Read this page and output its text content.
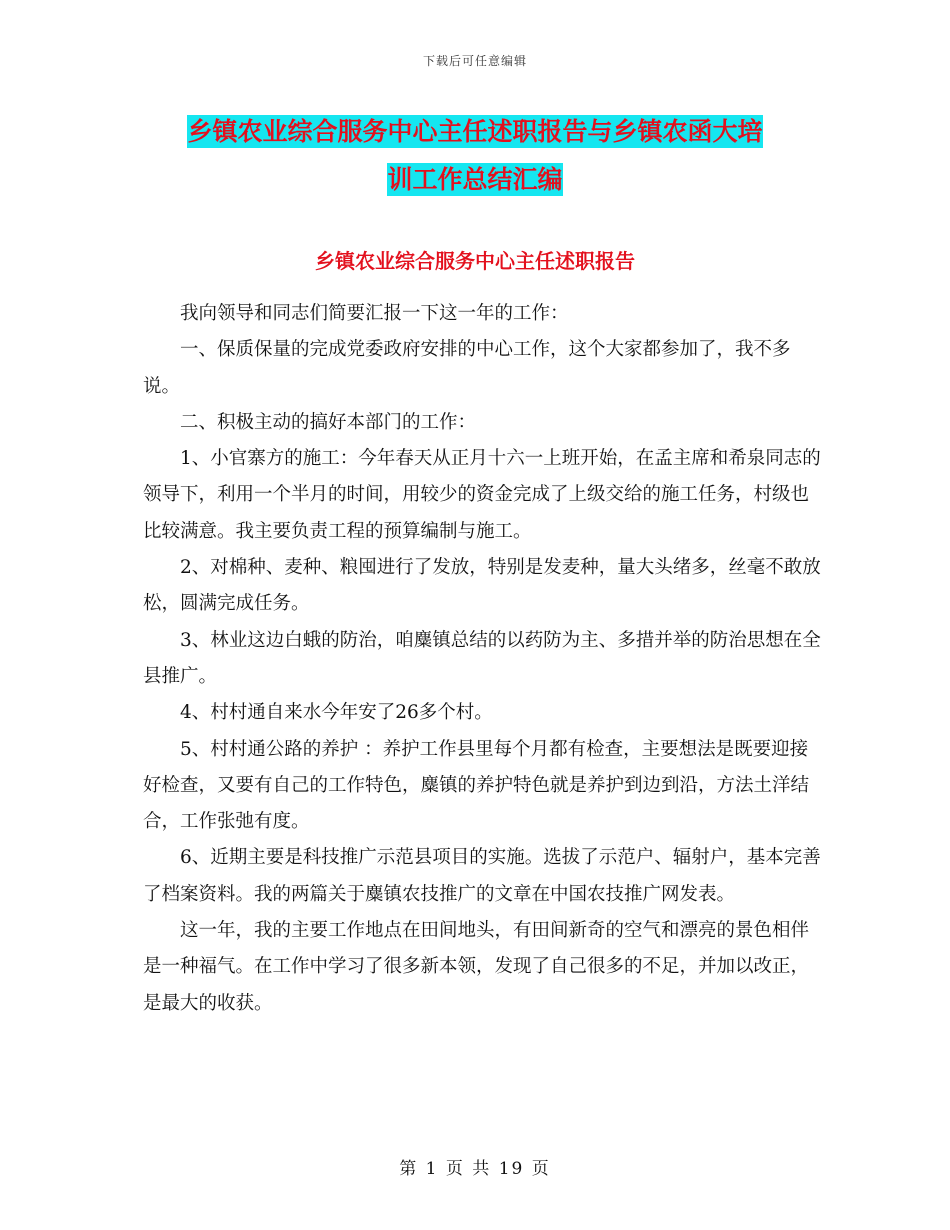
下载后可任意编辑
乡镇农业综合服务中心主任述职报告与乡镇农函大培
训工作总结汇编
乡镇农业综合服务中心主任述职报告

我向领导和同志们简要汇报一下这一年的工作：

一、保质保量的完成党委政府安排的中心工作，这个大家都参加了，我不多说。

二、积极主动的搞好本部门的工作：

1、小官寨方的施工：今年春天从正月十六一上班开始，在孟主席和希泉同志的领导下，利用一个半月的时间，用较少的资金完成了上级交给的施工任务，村级也比较满意。我主要负责工程的预算编制与施工。

2、对棉种、麦种、粮囤进行了发放，特别是发麦种，量大头绪多，丝毫不敢放松，圆满完成任务。

3、林业这边白蛾的防治，咱麋镇总结的以药防为主、多措并举的防治思想在全县推广。

4、村村通自来水今年安了26多个村。

5、村村通公路的养护 ：养护工作县里每个月都有检查，主要想法是既要迎接好检查，又要有自己的工作特色，麋镇的养护特色就是养护到边到沿，方法土洋结合，工作张弛有度。

6、近期主要是科技推广示范县项目的实施。选拔了示范户、辐射户，基本完善了档案资料。我的两篇关于麋镇农技推广的文章在中国农技推广网发表。

这一年，我的主要工作地点在田间地头，有田间新奇的空气和漂亮的景色相伴是一种福气。在工作中学习了很多新本领，发现了自己很多的不足，并加以改正，是最大的收获。

第 1 页 共 19 页
